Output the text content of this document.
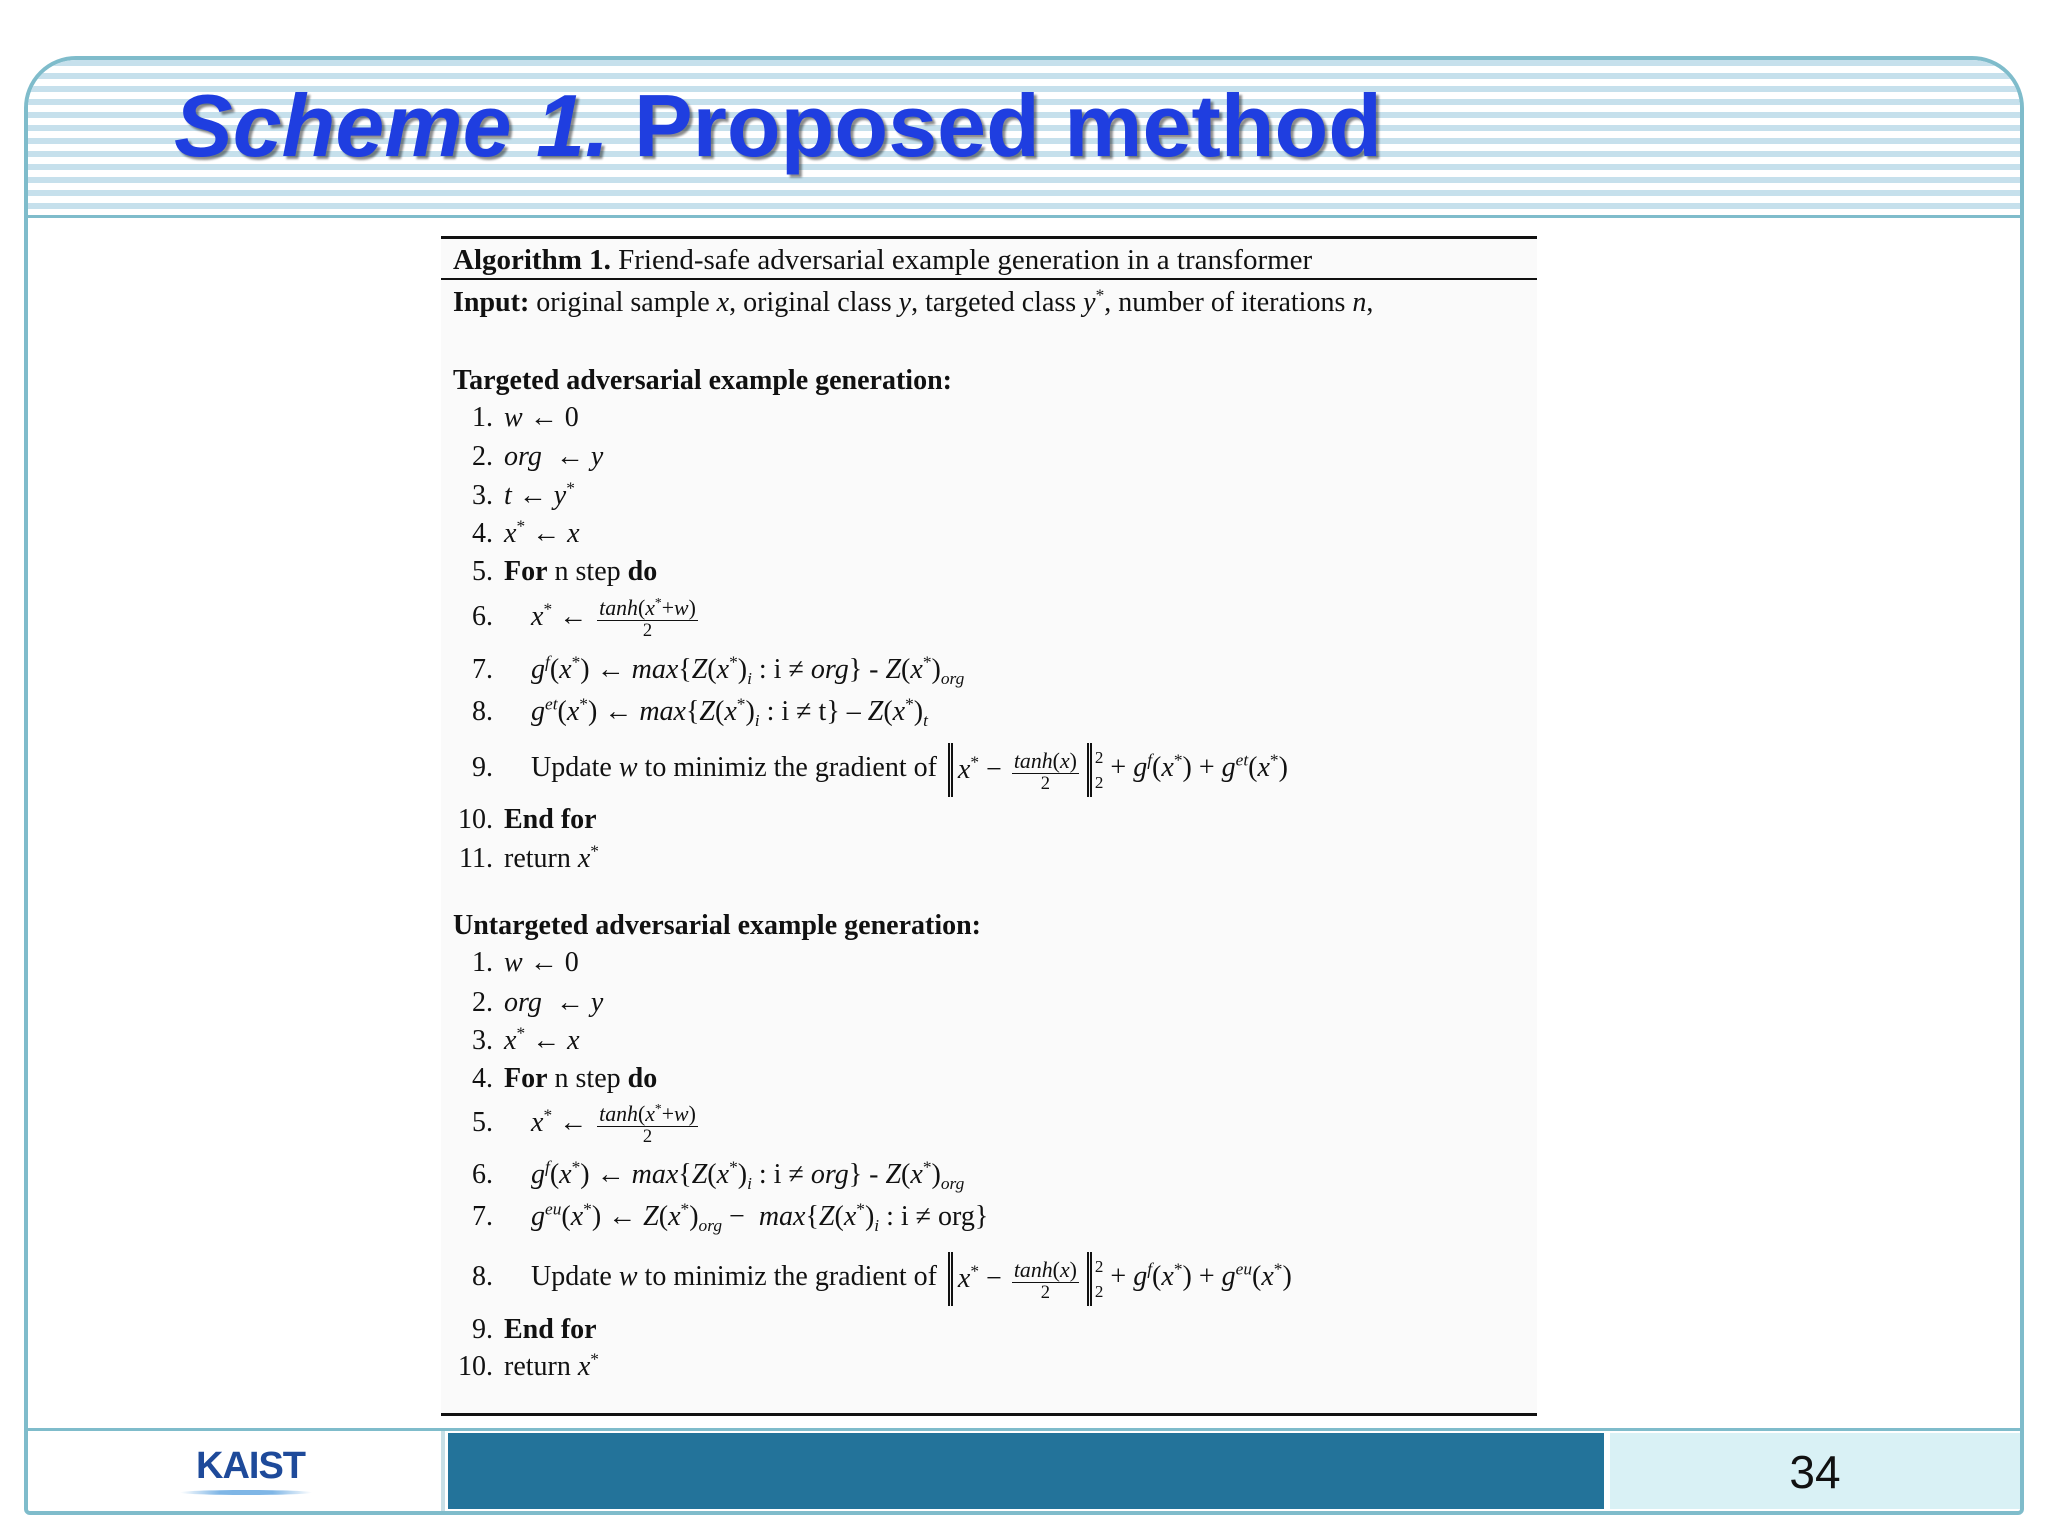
Scheme 1. Proposed method
Algorithm 1. Friend-safe adversarial example generation in a transformer
Input: original sample x, original class y, targeted class y*, number of iterations n,
Targeted adversarial example generation:
1. w ← 0
2. org  ← y
3. t ← y*
4. x* ← x
5. For n step do
6. x* ← $\frac{\tanh(x^*+w)}{2}$
7. $g^f(x^*)$ ← $\max\{Z(x^*)_i$ : $i \ne org\} - Z(x^*)_{org}$
8. $g^{et}(x^*)$ ← $\max\{Z(x^*)_i$ : $i \ne t\} - Z(x^*)_t$
9. Update w to minimiz the gradient of $x^* - \frac{\tanh(x)}{2} 2$
$2 + g^f(x^*) + g^{et}(x^*)$
10. End for
11. return x*
Untargeted adversarial example generation:
1. w ← 0
2. org  ← y
3. x* ← x
4. For n step do
5. x* ← $\frac{\tanh(x^*+w)}{2}$
6. $g^f(x^*)$ ← $\max\{Z(x^*)_i$ : $i \ne org\} - Z(x^*)_{org}$
7. $g^{eu}(x^*)$ ← $Z(x^*)_{org} - \max\{Z(x^*)_i$ : i ≠ org}
8. Update w to minimiz the gradient of $x^* - \frac{\tanh(x)}{2} 2$
$2 + g^f(x^*) + g^{eu}(x^*)$
9. End for
10. return x*
KAIST	34
